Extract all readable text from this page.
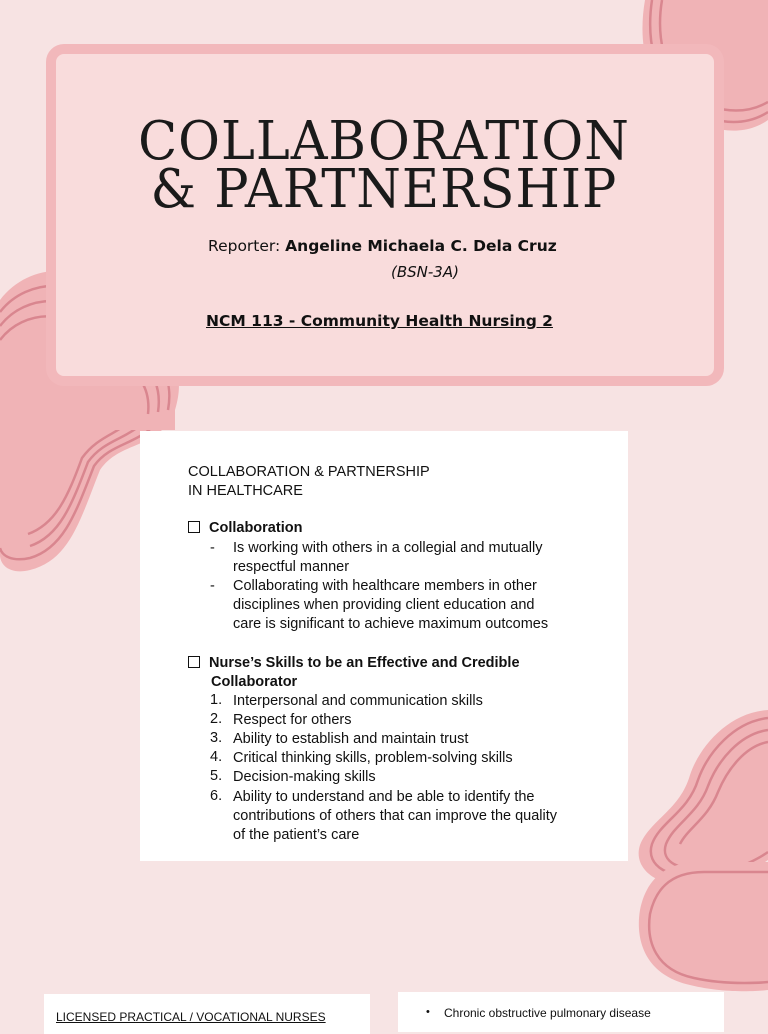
COLLABORATION
& PARTNERSHIP
Reporter: Angeline Michaela C. Dela Cruz
(BSN-3A)
NCM 113 - Community Health Nursing 2
COLLABORATION & PARTNERSHIP
IN HEALTHCARE
Collaboration
- Is working with others in a collegial and mutually
respectful manner
- Collaborating with healthcare members in other
disciplines when providing client education and
care is significant to achieve maximum outcomes
Nurse’s Skills to be an Effective and Credible
Collaborator
1. Interpersonal and communication skills
2. Respect for others
3. Ability to establish and maintain trust
4. Critical thinking skills, problem-solving skills
5. Decision-making skills
6. Ability to understand and be able to identify the
contributions of others that can improve the quality
of the patient’s care
LICENSED PRACTICAL / VOCATIONAL NURSES	• Chronic obstructive pulmonary disease
